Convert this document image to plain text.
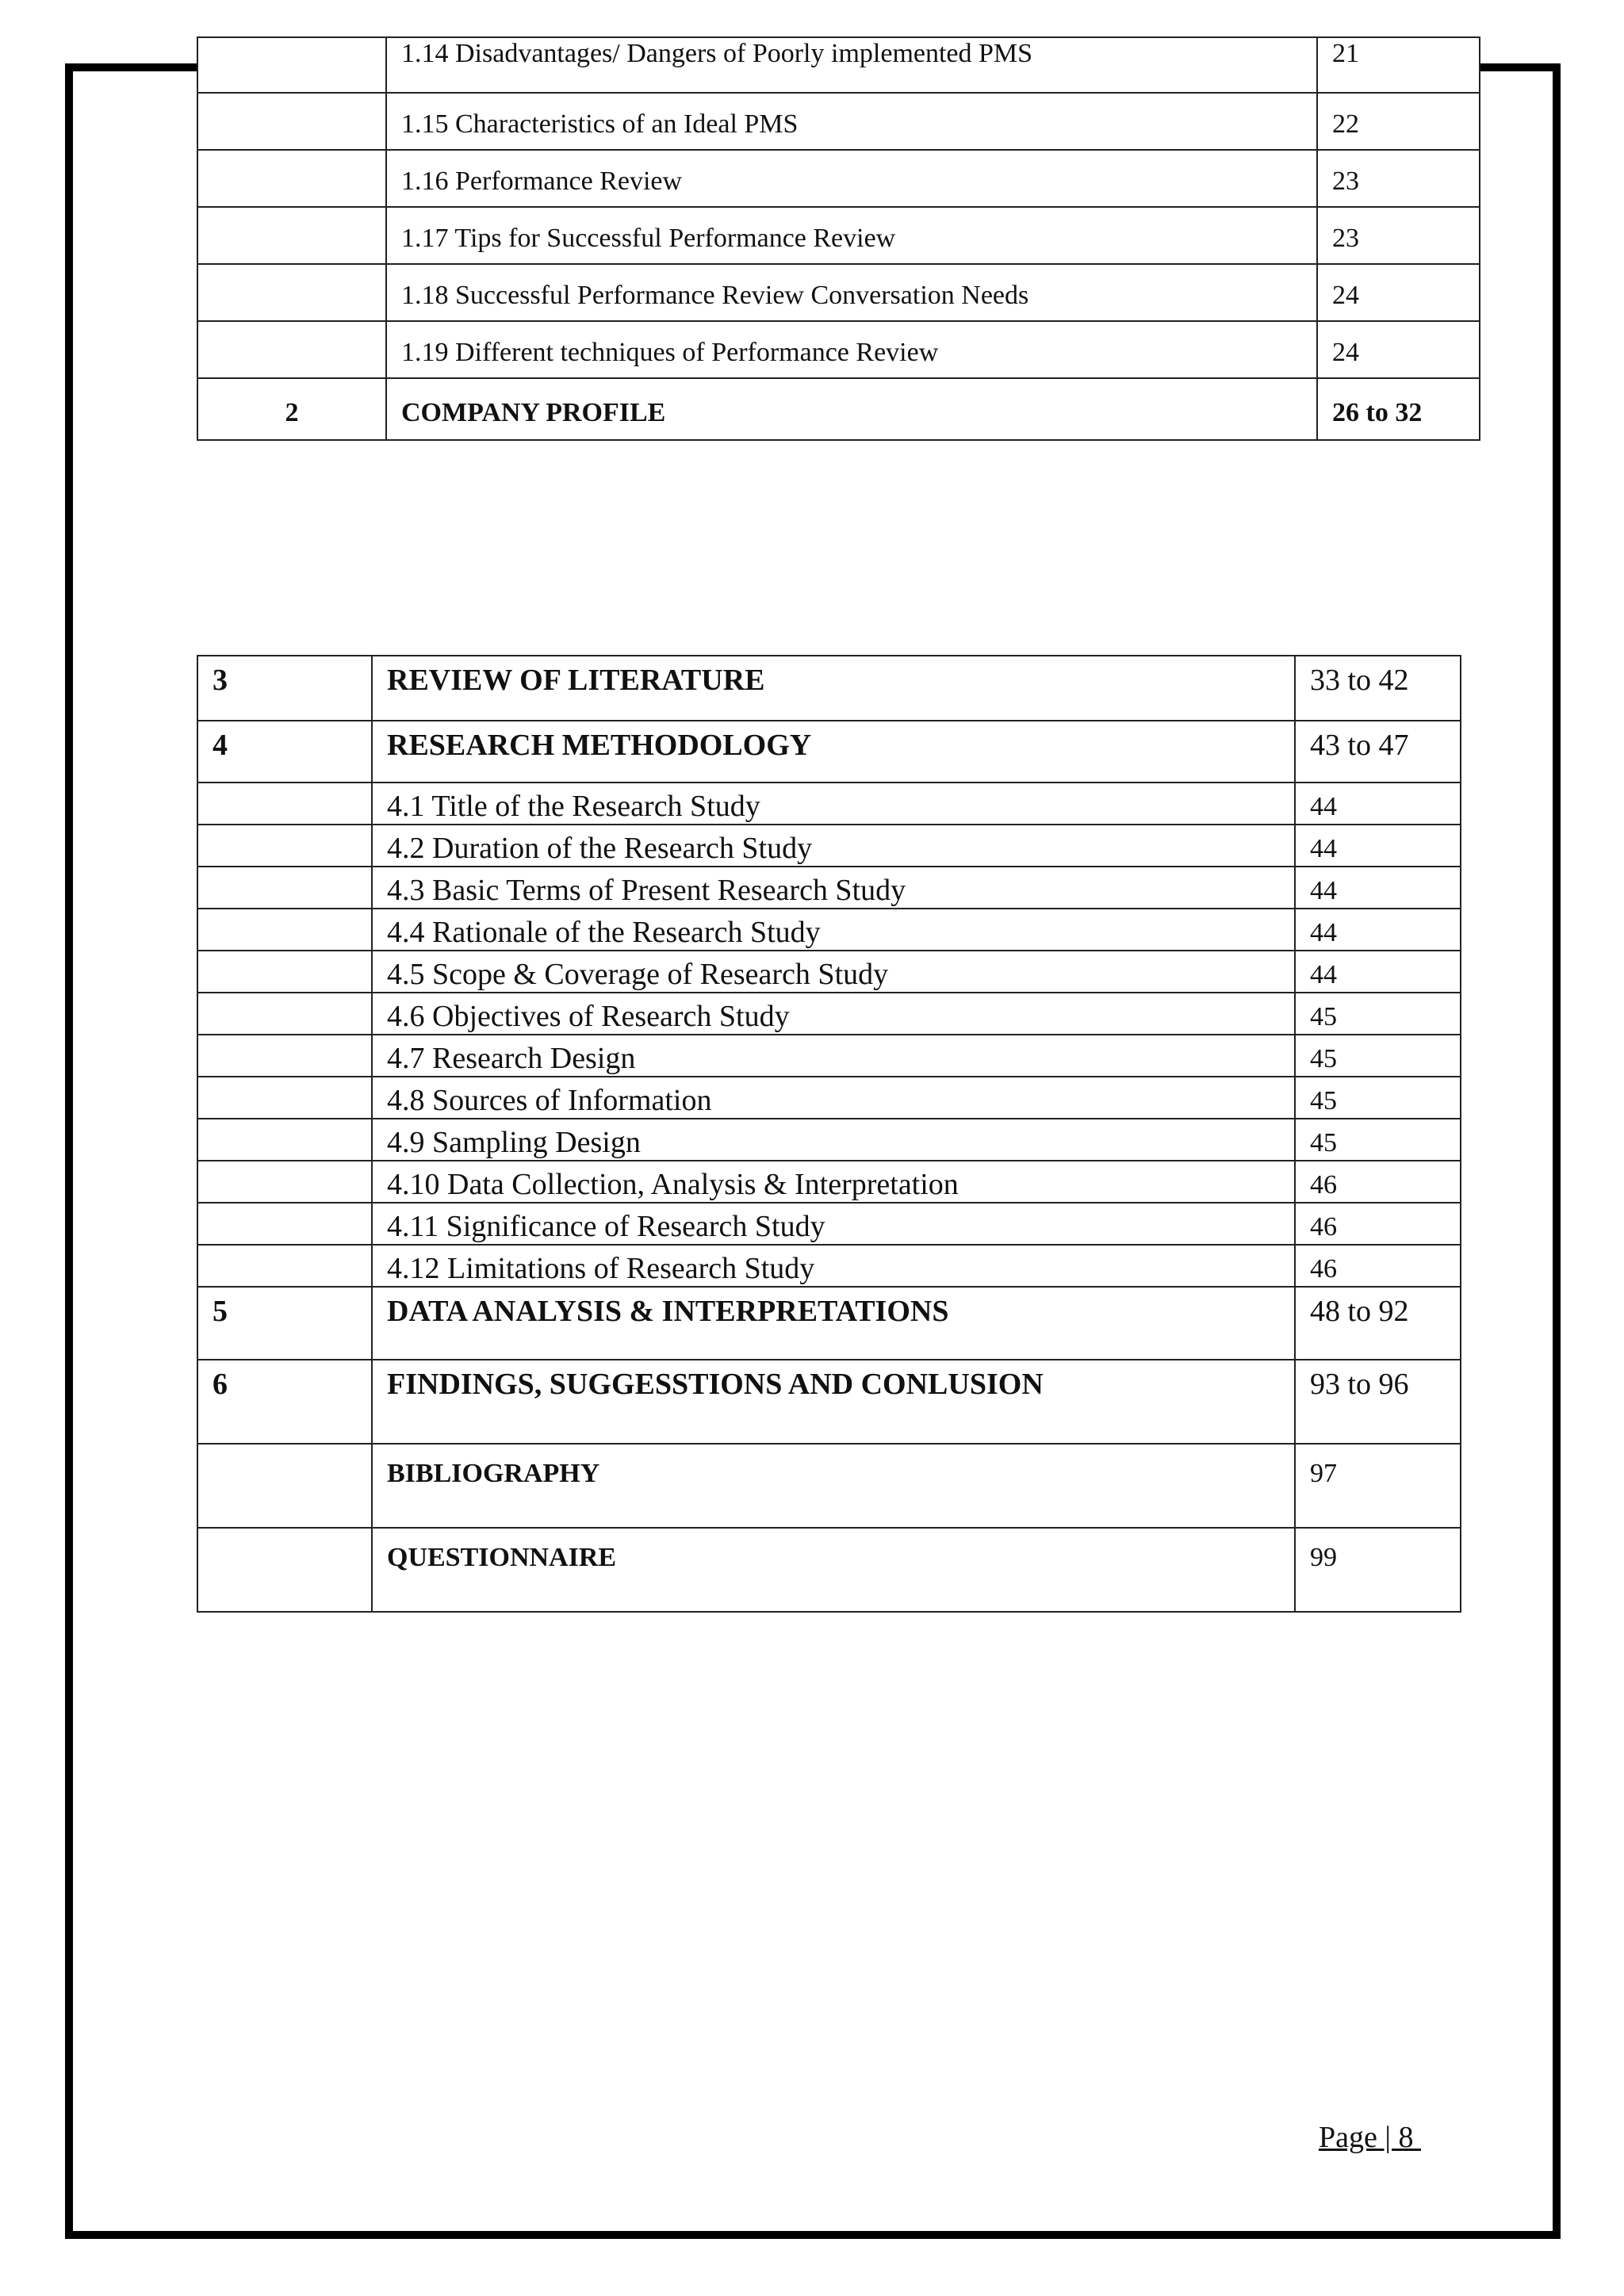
	1.14 Disadvantages/ Dangers of Poorly implemented PMS	21

	1.15 Characteristics of an Ideal PMS	22

	1.16 Performance Review	23

	1.17 Tips for Successful Performance Review	23

	1.18 Successful Performance Review Conversation Needs	24

	1.19 Different techniques of Performance Review	24

2	COMPANY PROFILE	26 to 32
3	REVIEW OF LITERATURE	33 to 42

4	RESEARCH METHODOLOGY	43 to 47

	4.1 Title of the Research Study	44

	4.2 Duration of the Research Study	44

	4.3 Basic Terms of Present Research Study	44

	4.4 Rationale of the Research Study	44

	4.5 Scope & Coverage of Research Study	44

	4.6 Objectives of Research Study	45

	4.7 Research Design	45

	4.8 Sources of Information	45

	4.9 Sampling Design	45

	4.10 Data Collection, Analysis & Interpretation	46

	4.11 Significance of Research Study	46

	4.12 Limitations of Research Study	46

5	DATA ANALYSIS & INTERPRETATIONS	48 to 92

6	FINDINGS, SUGGESSTIONS AND CONLUSION	93 to 96

	BIBLIOGRAPHY	97

	QUESTIONNAIRE	99
Page | 8
